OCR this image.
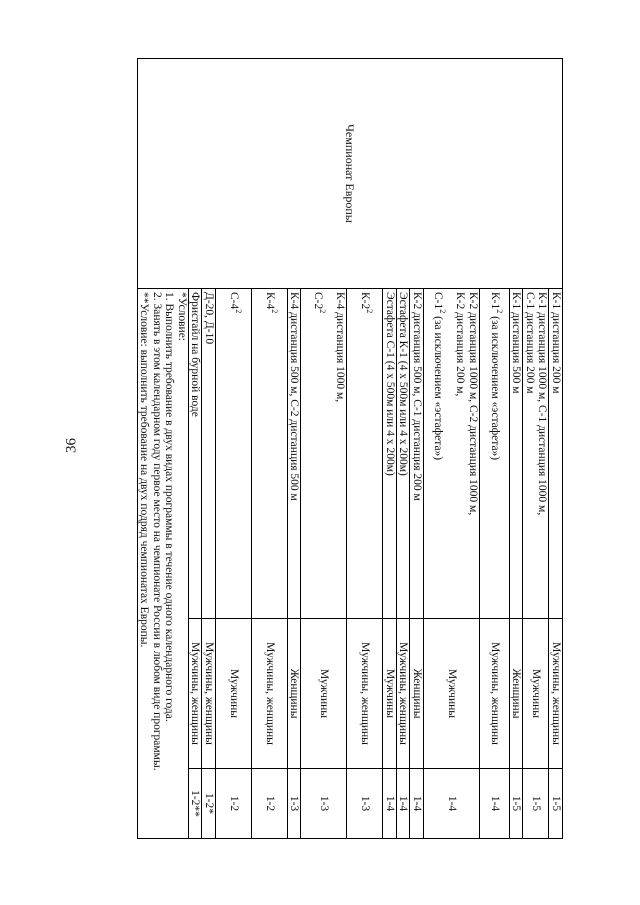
36
Чемпионат Европы	К-1 дистанция 200 м	Мужчины, женщины	1-5

	К-1 дистанция 1000 м, С-1 дистанция 1000 м,
С-1 дистанция 200 м	Мужчины	1-5
	К-1 дистанция 500 м	Женщины	1-5
	$К-1^2$ (за исключением «эстафета»)	Мужчины, женщины	1-4

	К-2 дистанция 1000 м, С-2 дистанция 1000 м,
К-2 дистанция 200 м,
$С-1^2$ (за исключением «эстафета»)	Мужчины	1-4
	К-2 дистанция 500 м, С-1 дистанция 200 м	Женщины	1-4
	Эстафета К-1 (4 х 500м или 4 х 200м)	Мужчины, женщины	1-4
	Эстафета С-1 (4 х 500м или 4 х 200м)	Мужчины	1-4
	$К-2^2$	Мужчины, женщины	1-3

	К-4 дистанция 1000 м,
$С-2^2$	Мужчины	1-3
	К-4 дистанция 500 м, С-2 дистанция 500 м	Женщины	1-3
	$К-4^2$	Мужчины, женщины	1-2
	$С-4^2$	Мужчины	1-2
	Д-20, Д-10	Мужчины, женщины	1-2*
	Фристайл на бурной воде	Мужчины, женщины	1-2**

	*Условие:
1. Выполнить требование в двух видах программы в течение одного календарного года.
2. Занять в этом календарном году первое место на чемпионате России в любом виде программы.
**Условие: выполнить требование на двух подряд чемпионатах Европы.		
